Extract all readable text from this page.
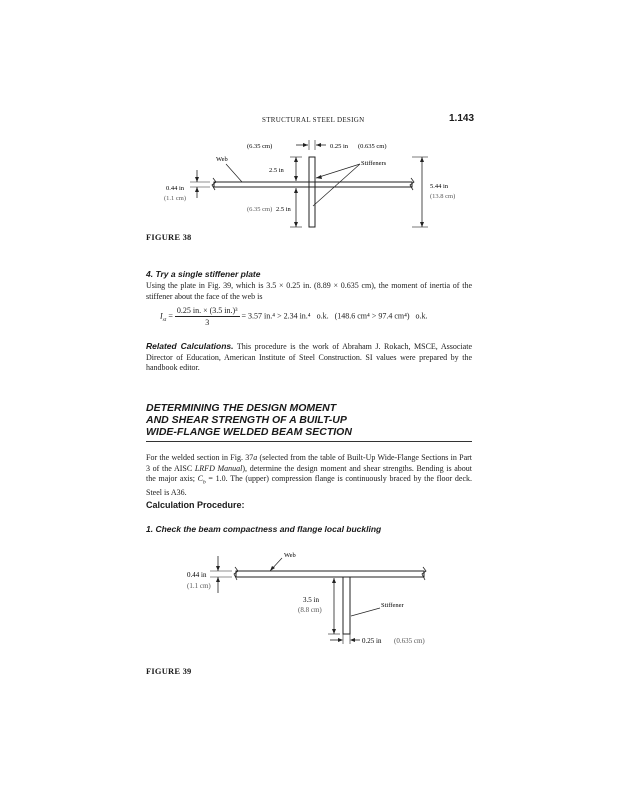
STRUCTURAL STEEL DESIGN	1.143
(6.35 cm)	0.25 in (0.635 cm)
Web
Stiffeners
2.5 in
0.44 in
(1.1 cm)
5.44 in
(13.8 cm)
(6.35 cm) 2.5 in
FIGURE 38
4. Try a single stiffener plate
Using the plate in Fig. 39, which is 3.5 × 0.25 in. (8.89 × 0.635 cm), the moment of inertia of the stiffener about the face of the web is
$I_{st} = \frac{\text{0.25 in. × (3.5 in.)³}}{3} = 3.57$ in.⁴ > 2.34 in.⁴   o.k.   (148.6 cm⁴ > 97.4 cm⁴)   o.k.
Related Calculations. This procedure is the work of Abraham J. Rokach, MSCE, Associate Director of Education, American Institute of Steel Construction. SI values were prepared by the handbook editor.
DETERMINING THE DESIGN MOMENT
AND SHEAR STRENGTH OF A BUILT-UP
WIDE-FLANGE WELDED BEAM SECTION
For the welded section in Fig. 37a (selected from the table of Built-Up Wide-Flange Sections in Part 3 of the AISC LRFD Manual), determine the design moment and shear strengths. Bending is about the major axis; $C_b = 1.0$. The (upper) compression flange is continuously braced by the floor deck. Steel is A36.
Calculation Procedure:
1. Check the beam compactness and flange local buckling
Web
0.44 in
(1.1 cm)
3.5 in
(8.8 cm)
Stiffener
0.25 in (0.635 cm)
FIGURE 39
